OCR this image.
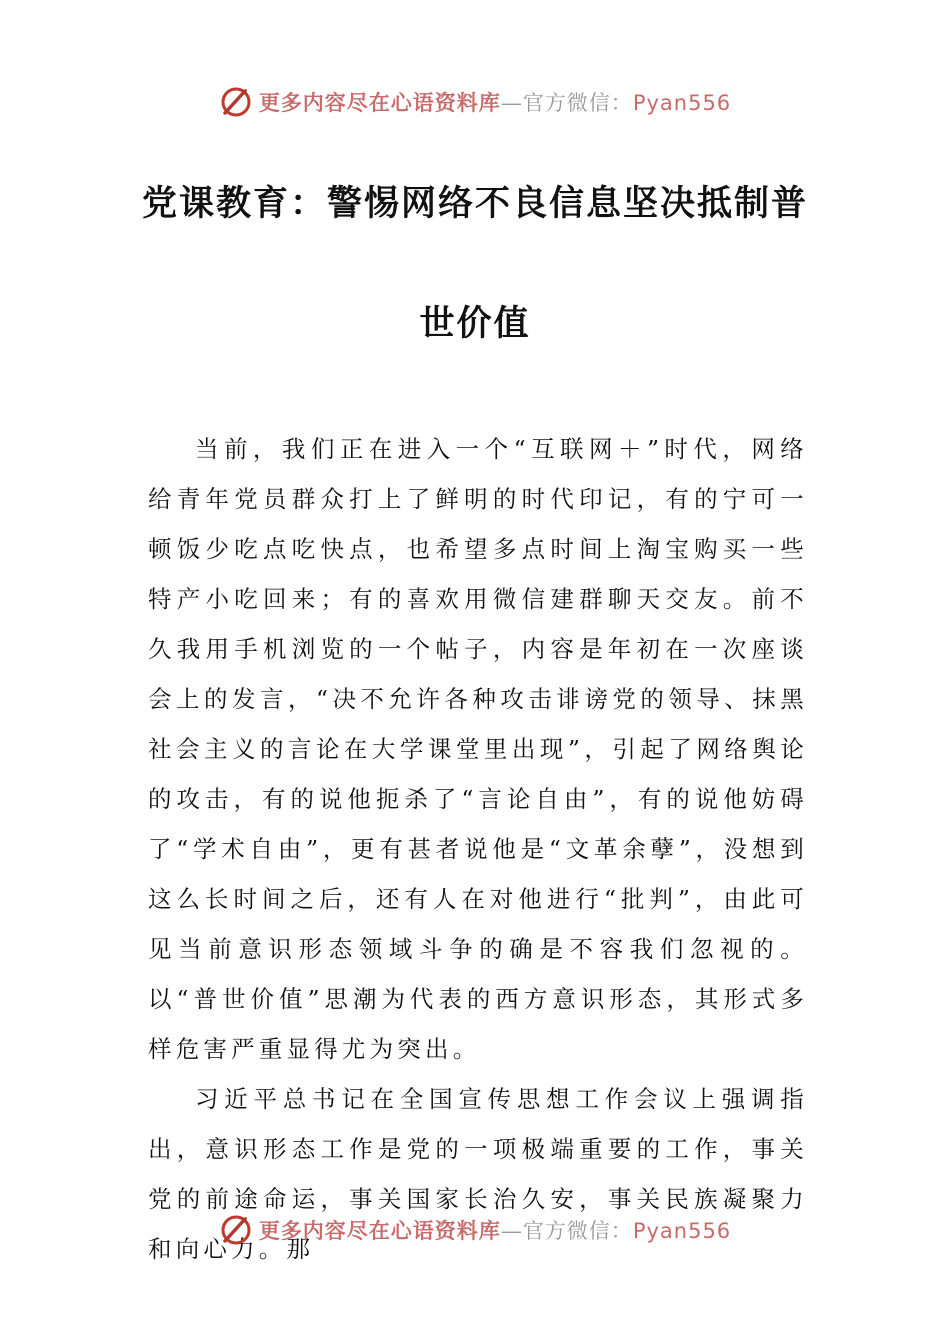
更多内容尽在心语资料库—官方微信：Pyan556
党课教育：警惕网络不良信息坚决抵制普
世价值

当前，我们正在进入一个“互联网＋”时代，网络给青年党员群众打上了鲜明的时代印记，有的宁可一顿饭少吃点吃快点，也希望多点时间上淘宝购买一些特产小吃回来；有的喜欢用微信建群聊天交友。前不久我用手机浏览的一个帖子，内容是年初在一次座谈会上的发言，“决不允许各种攻击诽谤党的领导、抹黑社会主义的言论在大学课堂里出现”，引起了网络舆论的攻击，有的说他扼杀了“言论自由”，有的说他妨碍了“学术自由”，更有甚者说他是“文革余孽”，没想到这么长时间之后，还有人在对他进行“批判”，由此可见当前意识形态领域斗争的确是不容我们忽视的。以“普世价值”思潮为代表的西方意识形态，其形式多样危害严重显得尤为突出。

习近平总书记在全国宣传思想工作会议上强调指出，意识形态工作是党的一项极端重要的工作，事关党的前途命运，事关国家长治久安，事关民族凝聚力和向心力。那

更多内容尽在心语资料库—官方微信：Pyan556
